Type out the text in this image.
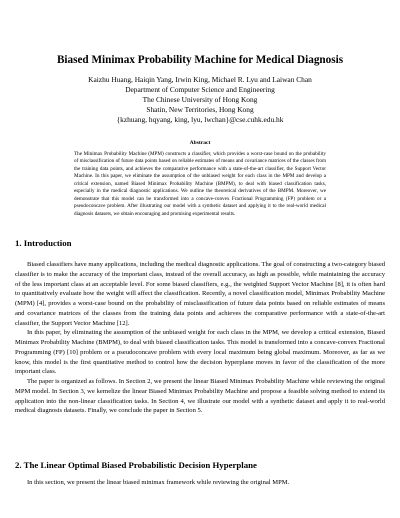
Biased Minimax Probability Machine for Medical Diagnosis
Kaizhu Huang, Haiqin Yang, Irwin King, Michael R. Lyu and Laiwan Chan
Department of Computer Science and Engineering
The Chinese University of Hong Kong
Shatin, New Territories, Hong Kong
{kzhuang, hqyang, king, lyu, lwchan}@cse.cuhk.edu.hk
Abstract
The Minimax Probability Machine (MPM) constructs a classifier, which provides a worst-case bound on the probability of misclassification of future data points based on reliable estimates of means and covariance matrices of the classes from the training data points, and achieves the comparative performance with a state-of-the-art classifier, the Support Vector Machine. In this paper, we eliminate the assumption of the unbiased weight for each class in the MPM and develop a critical extension, named Biased Minimax Probability Machine (BMPM), to deal with biased classification tasks, especially in the medical diagnostic applications. We outline the theoretical derivatives of the BMPM. Moreover, we demonstrate that this model can be transformed into a concave-convex Fractional Programming (FP) problem or a pseudoconcave problem. After illustrating our model with a synthetic dataset and applying it to the real-world medical diagnosis datasets, we obtain encouraging and promising experimental results.
1. Introduction

Biased classifiers have many applications, including the medical diagnostic applications. The goal of constructing a two-category biased classifier is to make the accuracy of the important class, instead of the overall accuracy, as high as possible, while maintaining the accuracy of the less important class at an acceptable level. For some biased classifiers, e.g., the weighted Support Vector Machine [8], it is often hard to quantitatively evaluate how the weight will affect the classification. Recently, a novel classification model, Minimax Probability Machine (MPM) [4], provides a worst-case bound on the probability of misclassification of future data points based on reliable estimates of means and covariance matrices of the classes from the training data points and achieves the comparative performance with a state-of-the-art classifier, the Support Vector Machine [12].

In this paper, by eliminating the assumption of the unbiased weight for each class in the MPM, we develop a critical extension, Biased Minimax Probability Machine (BMPM), to deal with biased classification tasks. This model is transformed into a concave-convex Fractional Programming (FP) [10] problem or a pseudoconcave problem with every local maximum being global maximum. Moreover, as far as we know, this model is the first quantitative method to control how the decision hyperplane moves in favor of the classification of the more important class.

The paper is organized as follows. In Section 2, we present the linear Biased Minimax Probability Machine while reviewing the original MPM model. In Section 3, we kernelize the linear Biased Minimax Probability Machine and propose a feasible solving method to extend its application into the non-linear classification tasks. In Section 4, we illustrate our model with a synthetic dataset and apply it to real-world medical diagnosis datasets. Finally, we conclude the paper in Section 5.

2. The Linear Optimal Biased Probabilistic Decision Hyperplane

In this section, we present the linear biased minimax framework while reviewing the original MPM.
